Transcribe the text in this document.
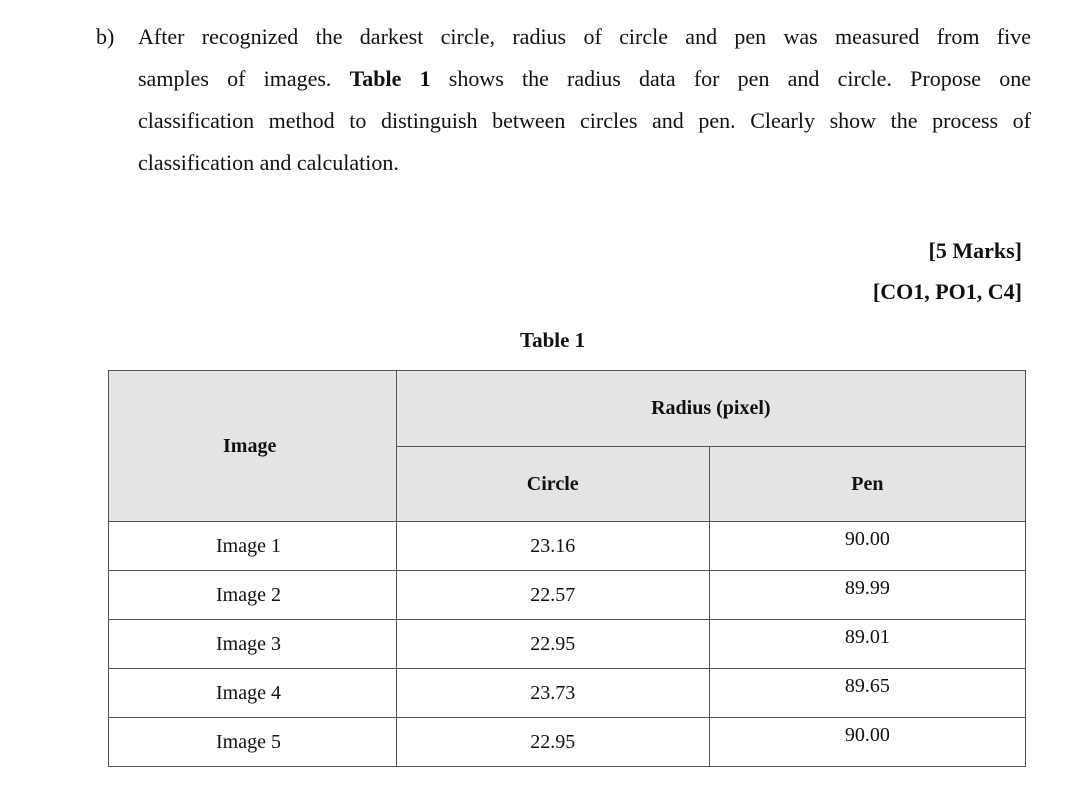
b)	After recognized the darkest circle, radius of circle and pen was measured from five
samples of images. Table 1 shows the radius data for pen and circle. Propose one
classification method to distinguish between circles and pen. Clearly show the process of
classification and calculation.
[5 Marks]
[CO1, PO1, C4]
Table 1
Image	Radius (pixel)	
	Circle	Pen
Image 1	23.16	90.00
Image 2	22.57	89.99
Image 3	22.95	89.01
Image 4	23.73	89.65
Image 5	22.95	90.00
